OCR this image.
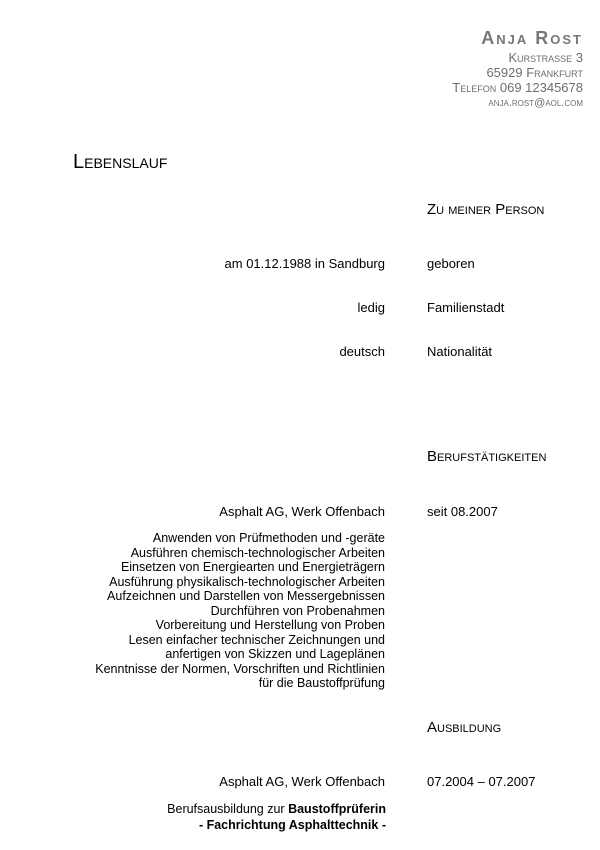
Anja Rost
Kurstrasse 3
65929 Frankfurt
Telefon 069 12345678
anja.rost@aol.com
Lebenslauf
Zu meiner Person
am 01.12.1988 in Sandburg	geboren
ledig	Familienstadt
deutsch	Nationalität
Berufstätigkeiten
Asphalt AG, Werk Offenbach	seit 08.2007
Anwenden von Prüfmethoden und -geräte
Ausführen chemisch-technologischer Arbeiten
Einsetzen von Energiearten und Energieträgern
Ausführung physikalisch-technologischer Arbeiten
Aufzeichnen und Darstellen von Messergebnissen
Durchführen von Probenahmen
Vorbereitung und Herstellung von Proben
Lesen einfacher technischer Zeichnungen und
anfertigen von Skizzen und Lageplänen
Kenntnisse der Normen, Vorschriften und Richtlinien
für die Baustoffprüfung
Ausbildung
Asphalt AG, Werk Offenbach	07.2004 – 07.2007
Berufsausbildung zur Baustoffprüferin
- Fachrichtung Asphalttechnik -
